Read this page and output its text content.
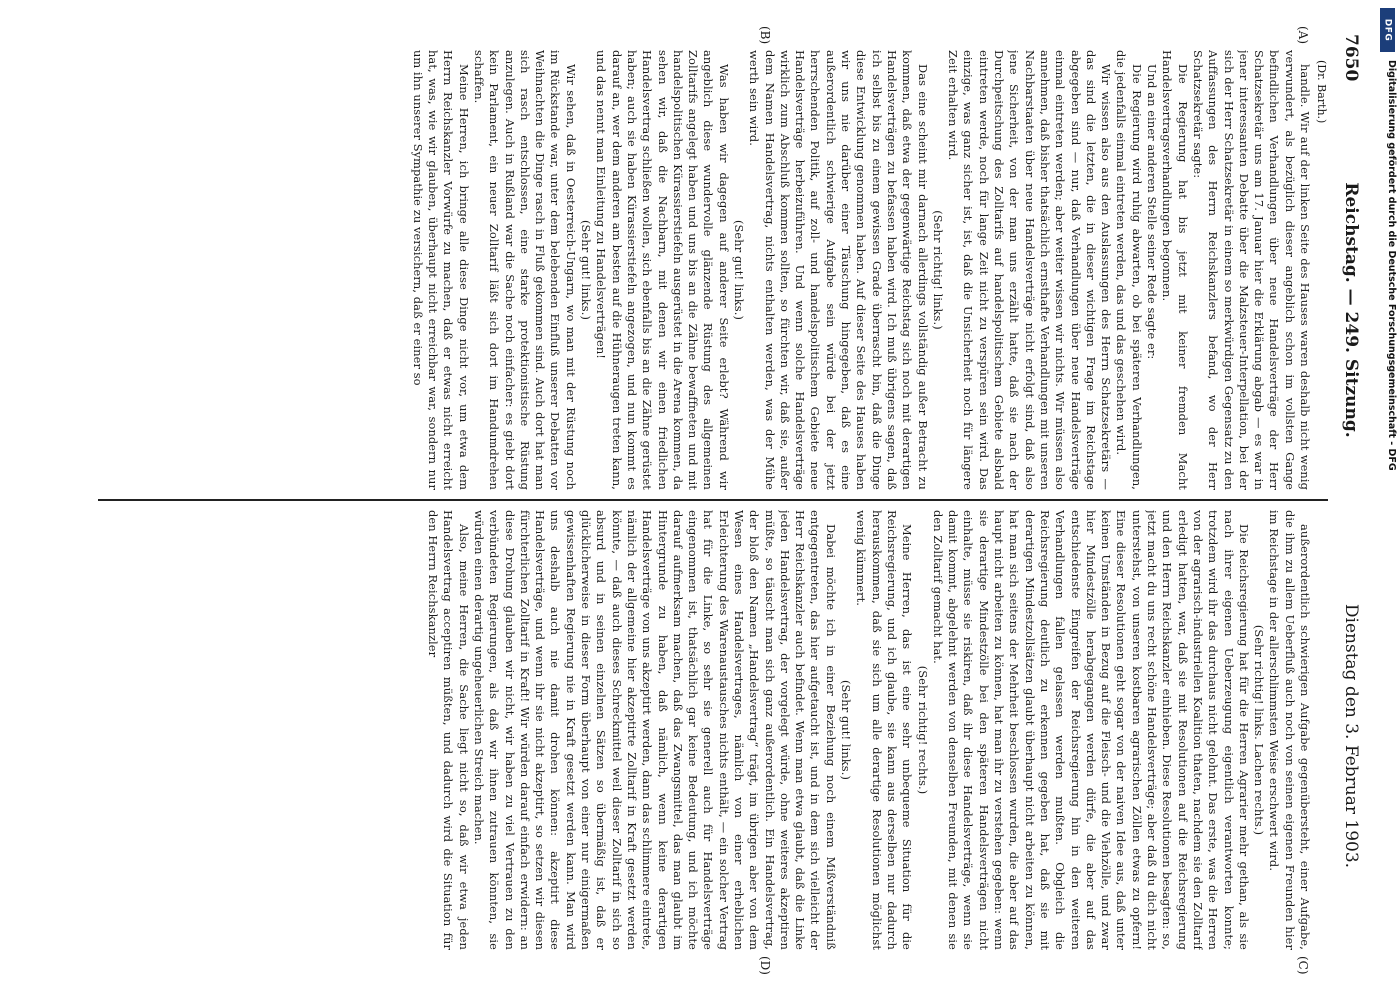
7650
Reichstag. — 249. Sitzung.
Dienstag den 3. Februar 1903.
(Dr. Barth.)
(A)
(B)
(C)
(D)

handle. Wir auf der linken Seite des Hauses waren deshalb nicht wenig verwundert, als bezüglich dieser angeblich schon im vollsten Gange befindlichen Verhandlungen über neue Handelsverträge der Herr Schatzsekretär uns am 17. Januar hier die Erklärung abgab — es war in jener interessanten Debatte über die Malzsteuer-Interpellation, bei der sich der Herr Schatzsekretär in einem so merkwürdigen Gegensatz zu den Auffassungen des Herrn Reichskanzlers befand, wo der Herr Schatzsekretär sagte:

Die Regierung hat bis jetzt mit keiner fremden Macht Handelsvertragsverhandlungen begonnen.

Und an einer anderen Stelle seiner Rede sagte er:

Die Regierung wird ruhig abwarten, ob bei späteren Verhandlungen, die jedenfalls einmal eintreten werden, das und das geschehen wird.

Wir wissen also aus den Auslassungen des Herrn Schatzsekretärs — das sind die letzten, die in dieser wichtigen Frage im Reichstage abgegeben sind — nur, daß Verhandlungen über neue Handelsverträge einmal eintreten werden; aber weiter wissen wir nichts. Wir müssen also annehmen, daß bisher thatsächlich ernsthafte Verhandlungen mit unseren Nachbarstaaten über neue Handelsverträge nicht erfolgt sind, daß also jene Sicherheit, von der man uns erzählt hatte, daß sie nach der Durchpeitschung des Zolltarifs auf handelspolitischem Gebiete alsbald eintreten werde, noch für lange Zeit nicht zu verspüren sein wird. Das einzige, was ganz sicher ist, ist, daß die Unsicherheit noch für längere Zeit erhalten wird.

(Sehr richtig! links.)

Das eine scheint mir darnach allerdings vollständig außer Betracht zu kommen, daß etwa der gegenwärtige Reichstag sich noch mit derartigen Handelsverträgen zu befassen haben wird. Ich muß übrigens sagen, daß ich selbst bis zu einem gewissen Grade überrascht bin, daß die Dinge diese Entwicklung genommen haben. Auf dieser Seite des Hauses haben wir uns nie darüber einer Täuschung hingegeben, daß es eine außerordentlich schwierige Aufgabe sein würde bei der jetzt herrschenden Politik, auf zoll- und handelspolitischem Gebiete neue Handelsverträge herbeizuführen. Und wenn solche Handelsverträge wirklich zum Abschluß kommen sollten, so fürchten wir, daß sie, außer dem Namen Handelsvertrag, nichts enthalten werden, was der Mühe werth sein wird.

(Sehr gut! links.)

Was haben wir dagegen auf anderer Seite erlebt? Während wir angeblich diese wundervolle glänzende Rüstung des allgemeinen Zolltarifs angelegt haben und uns bis an die Zähne bewaffneten und mit handelspolitischen Kürassierstiefeln ausgerüstet in die Arena kommen, da sehen wir, daß die Nachbarn, mit denen wir einen friedlichen Handelsvertrag schließen wollen, sich ebenfalls bis an die Zähne gerüstet haben; auch sie haben Kürassierstiefeln angezogen, und nun kommt es darauf an, wer dem anderen am besten auf die Hühneraugen treten kann, und das nennt man Einleitung zu Handelsverträgen!

(Sehr gut! links.)

Wir sehen, daß in Oesterreich-Ungarn, wo man mit der Rüstung noch im Rückstande war, unter dem belebenden Einfluß unserer Debatten vor Weihnachten die Dinge rasch in Fluß gekommen sind. Auch dort hat man sich rasch entschlossen, eine starke protektionistische Rüstung anzulegen. Auch in Rußland war die Sache noch einfacher: es giebt dort kein Parlament, ein neuer Zolltarif läßt sich dort im Handumdrehen schaffen.

Meine Herren, ich bringe alle diese Dinge nicht vor, um etwa dem Herrn Reichskanzler Vorwürfe zu machen, daß er etwas nicht erreicht hat, was, wie wir glauben, überhaupt nicht erreichbar war, sondern nur um ihn unserer Sympathie zu versichern, daß er einer so

außerordentlich schwierigen Aufgabe gegenübersteht, einer Aufgabe, die ihm zu allem Ueberfluß auch noch von seinen eigenen Freunden hier im Reichstage in der allerschlimmsten Weise erschwert wird.

(Sehr richtig! links. Lachen rechts.)

Die Reichsregierung hat für die Herren Agrarier mehr gethan, als sie nach ihrer eigenen Ueberzeugung eigentlich verantworten konnte; trotzdem wird ihr das durchaus nicht gelohnt. Das erste, was die Herren von der agrarisch-industriellen Koalition thaten, nachdem sie den Zolltarif erledigt hatten, war, daß sie mit Resolutionen auf die Reichsregierung und den Herrn Reichskanzler einhieben. Diese Resolutionen besagten: so, jetzt macht du uns recht schöne Handelsverträge; aber daß du dich nicht unterstehst, von unseren kostbaren agrarischen Zöllen etwas zu opfern! Eine dieser Resolutionen geht sogar von der naiven Idee aus, daß unter keinen Umständen in Bezug auf die Fleisch- und die Viehzölle, und zwar hier Mindestzölle herabgegangen werden dürfe, die aber auf das entschiedenste Eingreifen der Reichsregierung hin in den weiteren Verhandlungen fallen gelassen werden mußten. Obgleich die Reichsregierung deutlich zu erkennen gegeben hat, daß sie mit derartigen Mindestzollsätzen glaubt überhaupt nicht arbeiten zu können, hat man sich seitens der Mehrheit beschlossen wurden, die aber auf das haupt nicht arbeiten zu können, hat man ihr zu verstehen gegeben: wenn sie derartige Mindestzölle bei den späteren Handelsverträgen nicht einhalte, müsse sie riskiren, daß ihr diese Handelsverträge, wenn sie damit kommt, abgelehnt werden von denselben Freunden, mit denen sie den Zolltarif gemacht hat.

(Sehr richtig! rechts.)

Meine Herren, das ist eine sehr unbequeme Situation für die Reichsregierung, und ich glaube, sie kann aus derselben nur dadurch herauskommen, daß sie sich um alle derartige Resolutionen möglichst wenig kümmert.

(Sehr gut! links.)

Dabei möchte ich in einer Beziehung noch einem Mißverständniß entgegentreten, das hier aufgetaucht ist, und in dem sich vielleicht der Herr Reichskanzler auch befindet. Wenn man etwa glaubt, daß die Linke jeden Handelsvertrag, der vorgelegt würde, ohne weiteres akzeptiren müßte, so täuscht man sich ganz außerordentlich. Ein Handelsvertrag, der bloß den Namen „Handelsvertrag“ trägt, im übrigen aber von dem Wesen eines Handelsvertrages, nämlich von einer erheblichen Erleichterung des Warenaustausches nichts enthält, — ein solcher Vertrag hat für die Linke, so sehr sie generell auch für Handelsverträge eingenommen ist, thatsächlich gar keine Bedeutung, und ich möchte darauf aufmerksam machen, daß das Zwangsmittel, das man glaubt im Hintergrunde zu haben, daß nämlich, wenn keine derartigen Handelsverträge von uns akzeptirt werden, dann das schlimmere eintrete, nämlich der allgemeine hier akzeptirte Zolltarif in Kraft gesetzt werden könnte, — daß auch dieses Schreckmittel weil dieser Zolltarif in sich so absurd und in seinen einzelnen Sätzen so übermäßig ist, daß er glücklicherweise in dieser Form überhaupt von einer nur einigermaßen gewissenhaften Regierung nie in Kraft gesetzt werden kann. Man wird uns deshalb auch nie damit drohen können: akzeptirt diese Handelsverträge, und wenn ihr sie nicht akzeptirt, so setzen wir diesen fürchterlichen Zolltarif in Kraft! Wir würden darauf einfach erwidern: an diese Drohung glauben wir nicht, wir haben zu viel Vertrauen zu den verbündeten Regierungen, als daß wir ihnen zutrauen könnten, sie würden einen derartig ungeheuerlichen Streich machen.

Also, meine Herren, die Sache liegt nicht so, daß wir etwa jeden Handelsvertrag acceptiren müßten, und dadurch wird die Situation für den Herrn Reichskanzler

DFG
Digitalisierung gefördert durch die Deutsche Forschungsgemeinschaft - DFG
